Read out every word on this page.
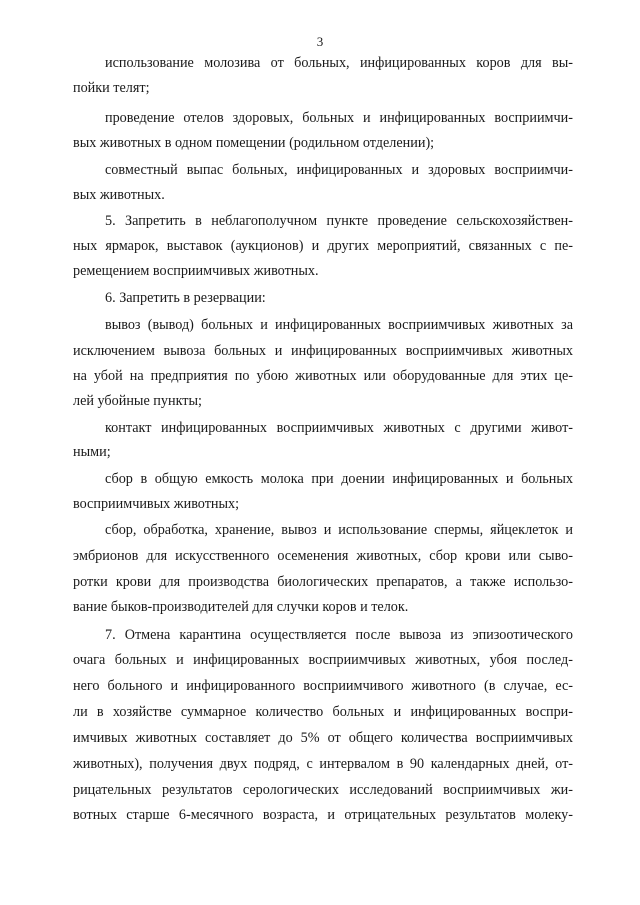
3
использование молозива от больных, инфицированных коров для вы-
пойки телят;
проведение отелов здоровых, больных и инфицированных восприимчи-
вых животных в одном помещении (родильном отделении);
совместный выпас больных, инфицированных и здоровых восприимчи-
вых животных.
5. Запретить в неблагополучном пункте проведение сельскохозяйствен-
ных ярмарок, выставок (аукционов) и других мероприятий, связанных с пе-
ремещением восприимчивых животных.
6. Запретить в резервации:
вывоз (вывод) больных и инфицированных восприимчивых животных за
исключением вывоза больных и инфицированных восприимчивых животных
на убой на предприятия по убою животных или оборудованные для этих це-
лей убойные пункты;
контакт инфицированных восприимчивых животных с другими живот-
ными;
сбор в общую емкость молока при доении инфицированных и больных
восприимчивых животных;
сбор, обработка, хранение, вывоз и использование спермы, яйцеклеток и
эмбрионов для искусственного осеменения животных, сбор крови или сыво-
ротки крови для производства биологических препаратов, а также использо-
вание быков-производителей для случки коров и телок.
7. Отмена карантина осуществляется после вывоза из эпизоотического
очага больных и инфицированных восприимчивых животных, убоя послед-
него больного и инфицированного восприимчивого животного (в случае, ес-
ли в хозяйстве суммарное количество больных и инфицированных воспри-
имчивых животных составляет до 5% от общего количества восприимчивых
животных), получения двух подряд, с интервалом в 90 календарных дней, от-
рицательных результатов серологических исследований восприимчивых жи-
вотных старше 6-месячного возраста, и отрицательных результатов молеку-
